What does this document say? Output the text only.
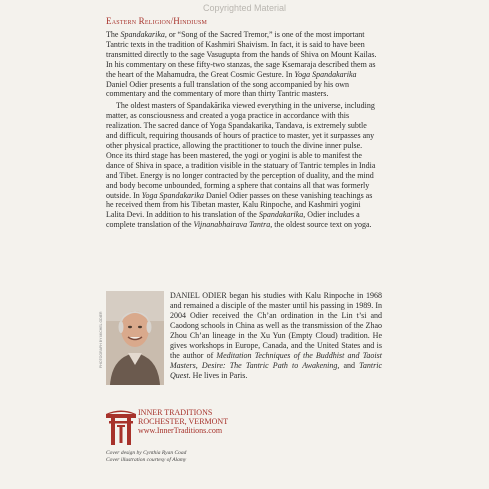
Copyrighted Material
Eastern Religion/Hindiusm

The Spandakarika, or “Song of the Sacred Tremor,” is one of the most important Tantric texts in the tradition of Kashmiri Shaivism. In fact, it is said to have been transmitted directly to the sage Vasugupta from the hands of Shiva on Mount Kailas. In his commentary on these fifty-two stanzas, the sage Ksemaraja described them as the heart of the Mahamudra, the Great Cosmic Gesture. In Yoga Spandakarika Daniel Odier presents a full translation of the song accompanied by his own commentary and the commentary of more than thirty Tantric masters.

The oldest masters of Spandakārika viewed everything in the universe, including matter, as consciousness and created a yoga practice in accordance with this realization. The sacred dance of Yoga Spandakarika, Tandava, is extremely subtle and difficult, requiring thousands of hours of practice to master, yet it surpasses any other physical practice, allowing the practitioner to touch the divine inner pulse. Once its third stage has been mastered, the yogi or yogini is able to manifest the dance of Shiva in space, a tradition visible in the statuary of Tantric temples in India and Tibet. Energy is no longer contracted by the perception of duality, and the mind and body become unbounded, forming a sphere that contains all that was formerly outside. In Yoga Spandakarika Daniel Odier passes on these vanishing teachings as he received them from his Tibetan master, Kalu Rinpoche, and Kashmiri yogini Lalita Devi. In addition to his translation of the Spandakarika, Odier includes a complete translation of the Vijnanabhairava Tantra, the oldest source text on yoga.

PHOTOGRAPH BY MICHEL ODIER
DANIEL ODIER began his studies with Kalu Rinpoche in 1968 and remained a disciple of the master until his passing in 1989. In 2004 Odier received the Ch’an ordination in the Lin t’si and Caodong schools in China as well as the transmission of the Zhao Zhou Ch’an lineage in the Xu Yun (Empty Cloud) tradition. He gives workshops in Europe, Canada, and the United States and is the author of Meditation Techniques of the Buddhist and Taoist Masters, Desire: The Tantric Path to Awakening, and Tantric Quest. He lives in Paris.
INNER TRADITIONS
ROCHESTER, VERMONT
www.InnerTraditions.com
Cover design by Cynthia Ryan Coad
Cover illustration courtesy of Alamy
